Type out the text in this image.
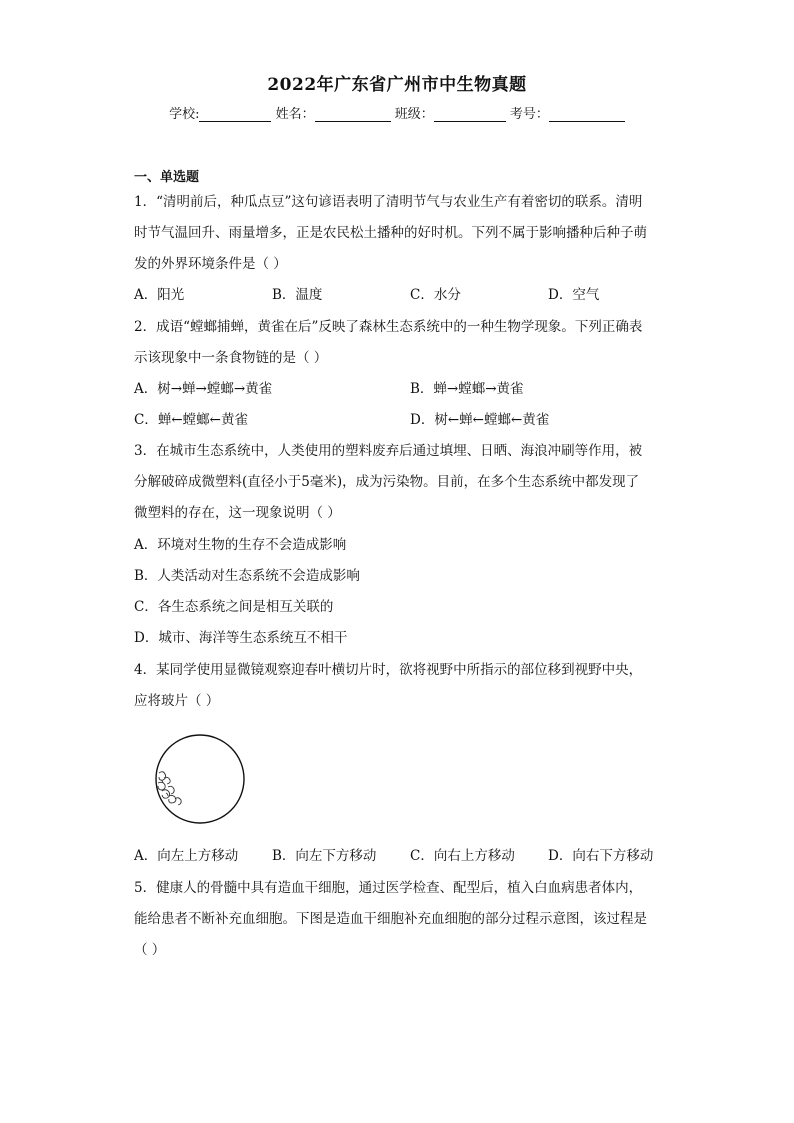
2022年广东省广州市中生物真题
学校:	姓名：	班级：	考号：
一、单选题
1．“清明前后，种瓜点豆”这句谚语表明了清明节气与农业生产有着密切的联系。清明
时节气温回升、雨量增多，正是农民松土播种的好时机。下列不属于影响播种后种子萌
发的外界环境条件是（ ）
A．阳光	B．温度	C．水分	D．空气
2．成语“螳螂捕蝉，黄雀在后”反映了森林生态系统中的一种生物学现象。下列正确表
示该现象中一条食物链的是（ ）
A．树→蝉→螳螂→黄雀	B．蝉→螳螂→黄雀
C．蝉←螳螂←黄雀	D．树←蝉←螳螂←黄雀
3．在城市生态系统中，人类使用的塑料废弃后通过填埋、日晒、海浪冲刷等作用，被
分解破碎成微塑料(直径小于5毫米)，成为污染物。目前，在多个生态系统中都发现了
微塑料的存在，这一现象说明（ ）
A．环境对生物的生存不会造成影响
B．人类活动对生态系统不会造成影响
C．各生态系统之间是相互关联的
D．城市、海洋等生态系统互不相干
4．某同学使用显微镜观察迎春叶横切片时，欲将视野中所指示的部位移到视野中央，
应将玻片（ ）
A．向左上方移动	B．向左下方移动 C．向右上方移动 D．向右下方移动
5．健康人的骨髓中具有造血干细胞，通过医学检查、配型后，植入白血病患者体内，
能给患者不断补充血细胞。下图是造血干细胞补充血细胞的部分过程示意图，该过程是
（ ）
